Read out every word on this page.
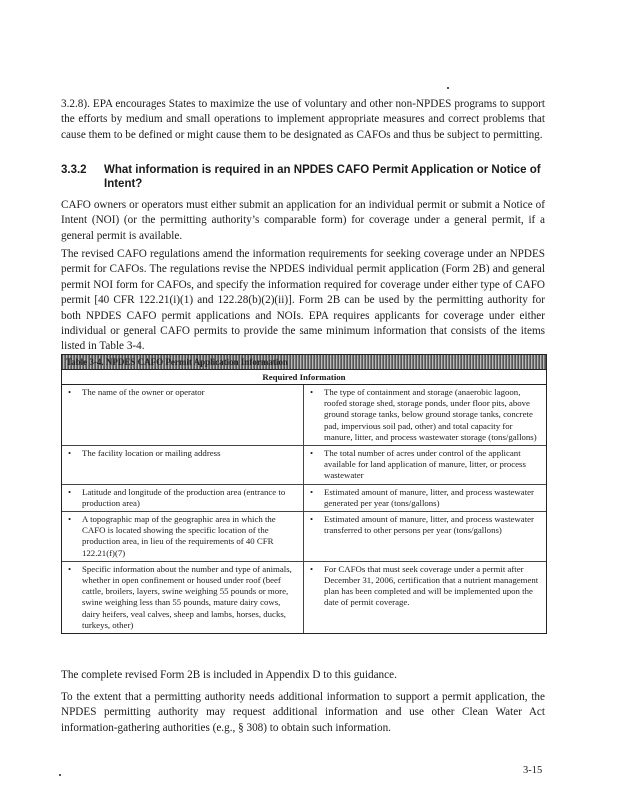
3.2.8). EPA encourages States to maximize the use of voluntary and other non-NPDES programs to support the efforts by medium and small operations to implement appropriate measures and correct problems that cause them to be defined or might cause them to be designated as CAFOs and thus be subject to permitting.

3.3.2 What information is required in an NPDES CAFO Permit Application or Notice of Intent?

CAFO owners or operators must either submit an application for an individual permit or submit a Notice of Intent (NOI) (or the permitting authority’s comparable form) for coverage under a general permit, if a general permit is available.

The revised CAFO regulations amend the information requirements for seeking coverage under an NPDES permit for CAFOs. The regulations revise the NPDES individual permit application (Form 2B) and general permit NOI form for CAFOs, and specify the information required for coverage under either type of CAFO permit [40 CFR 122.21(i)(1) and 122.28(b)(2)(ii)]. Form 2B can be used by the permitting authority for both NPDES CAFO permit applications and NOIs. EPA requires applicants for coverage under either individual or general CAFO permits to provide the same minimum information that consists of the items listed in Table 3-4.

Table 3-4. NPDES CAFO Permit Application Information
Required Information
• The name of the owner or operator	• The type of containment and storage (anaerobic lagoon, roofed storage shed, storage ponds, under floor pits, above ground storage tanks, below ground storage tanks, concrete pad, impervious soil pad, other) and total capacity for manure, litter, and process wastewater storage (tons/gallons)
• The facility location or mailing address	• The total number of acres under control of the applicant available for land application of manure, litter, or process wastewater
• Latitude and longitude of the production area (entrance to production area)
• Estimated amount of manure, litter, and process wastewater generated per year (tons/gallons)
• A topographic map of the geographic area in which the CAFO is located showing the specific location of the production area, in lieu of the requirements of 40 CFR 122.21(f)(7)
• Estimated amount of manure, litter, and process wastewater transferred to other persons per year (tons/gallons)
• Specific information about the number and type of animals, whether in open confinement or housed under roof (beef cattle, broilers, layers, swine weighing 55 pounds or more, swine weighing less than 55 pounds, mature dairy cows, dairy heifers, veal calves, sheep and lambs, horses, ducks, turkeys, other)
• For CAFOs that must seek coverage under a permit after December 31, 2006, certification that a nutrient management plan has been completed and will be implemented upon the date of permit coverage.

The complete revised Form 2B is included in Appendix D to this guidance.

To the extent that a permitting authority needs additional information to support a permit application, the NPDES permitting authority may request additional information and use other Clean Water Act information-gathering authorities (e.g., § 308) to obtain such information.

3-15
